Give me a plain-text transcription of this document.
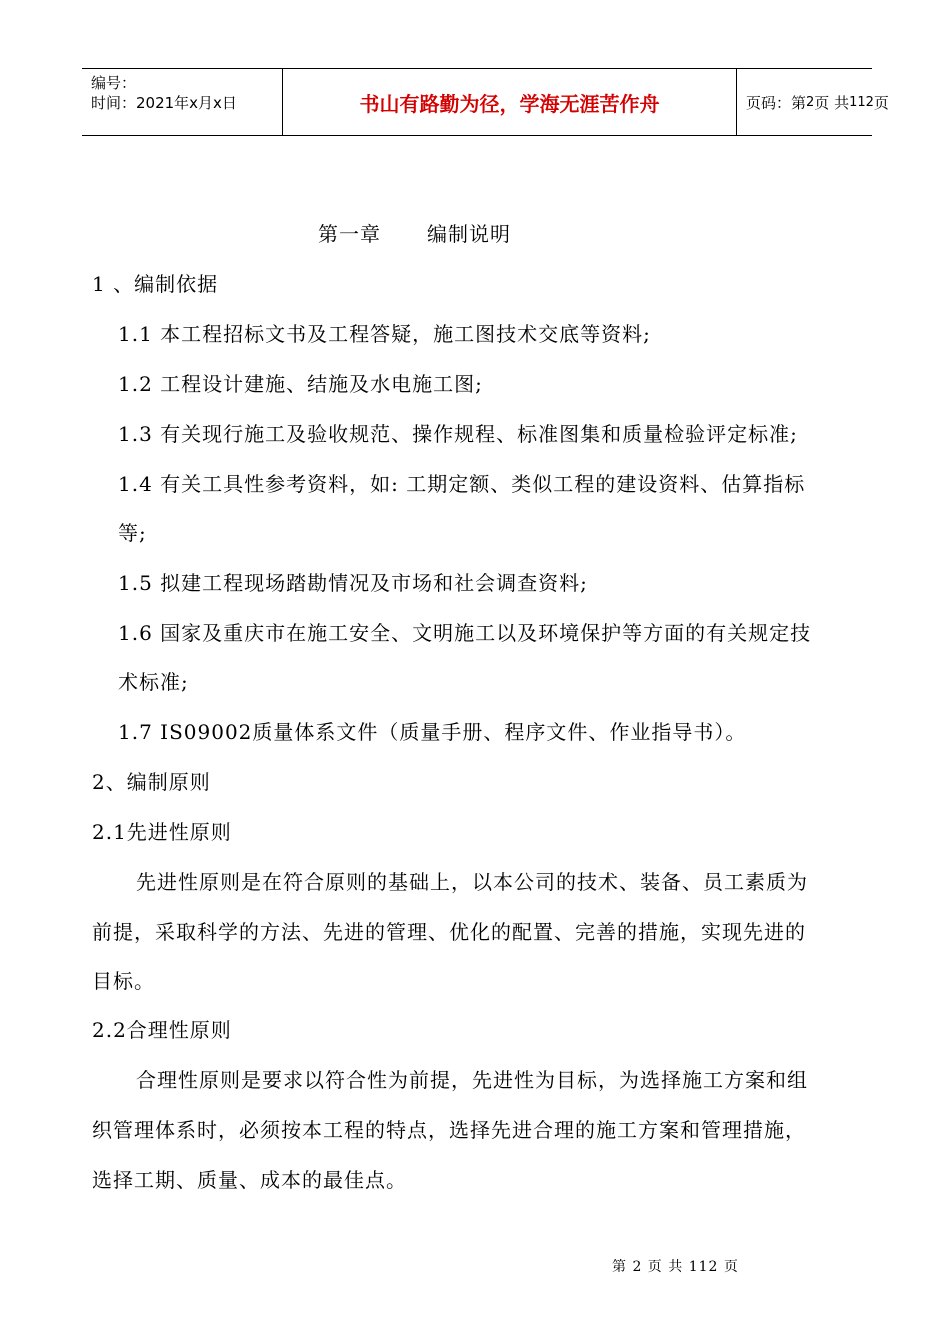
编号：
时间：2021年x月x日	书山有路勤为径，学海无涯苦作舟	页码：第 2 页 共 112 页
第一章 编制说明
1 、编制依据
1.1 本工程招标文书及工程答疑，施工图技术交底等资料;
1.2 工程设计建施、结施及水电施工图;
1.3 有关现行施工及验收规范、操作规程、标准图集和质量检验评定标准;
1.4 有关工具性参考资料，如: 工期定额、类似工程的建设资料、估算指标
等;
1.5 拟建工程现场踏勘情况及市场和社会调查资料;
1.6 国家及重庆市在施工安全、文明施工以及环境保护等方面的有关规定技
术标准;
1.7 IS09002质量体系文件（质量手册、程序文件、作业指导书）。
2、编制原则
2.1先进性原则
先进性原则是在符合原则的基础上，以本公司的技术、装备、员工素质为
前提，采取科学的方法、先进的管理、优化的配置、完善的措施，实现先进的
目标。
2.2合理性原则
合理性原则是要求以符合性为前提，先进性为目标，为选择施工方案和组
织管理体系时，必须按本工程的特点，选择先进合理的施工方案和管理措施，
选择工期、质量、成本的最佳点。
第 2 页 共 112 页
